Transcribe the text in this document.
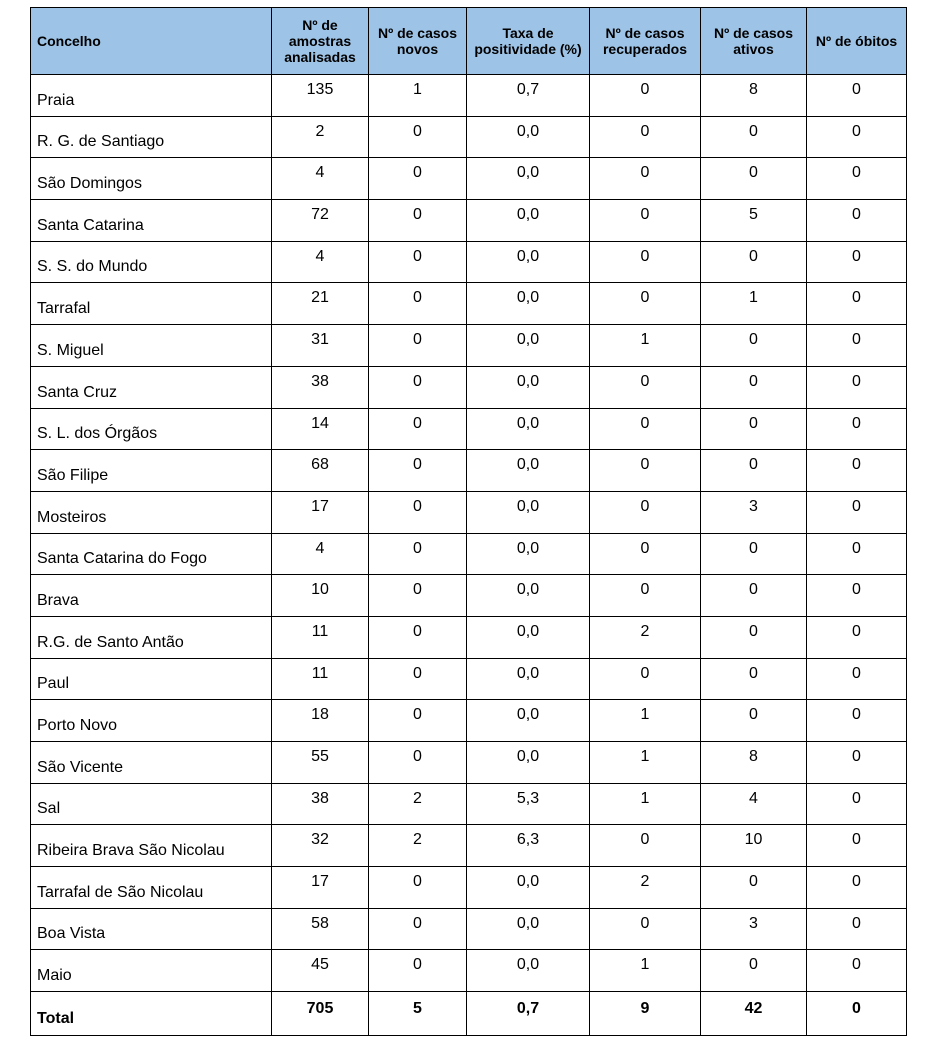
Concelho	Nº de amostras analisadas	Nº de casos novos	Taxa de positividade (%)	Nº de casos recuperados	Nº de casos ativos	Nº de óbitos
Praia	135	1	0,7	0	8	0
R. G. de Santiago	2	0	0,0	0	0	0
São Domingos	4	0	0,0	0	0	0
Santa Catarina	72	0	0,0	0	5	0
S. S. do Mundo	4	0	0,0	0	0	0
Tarrafal	21	0	0,0	0	1	0
S. Miguel	31	0	0,0	1	0	0
Santa Cruz	38	0	0,0	0	0	0
S. L. dos Órgãos	14	0	0,0	0	0	0
São Filipe	68	0	0,0	0	0	0
Mosteiros	17	0	0,0	0	3	0
Santa Catarina do Fogo	4	0	0,0	0	0	0
Brava	10	0	0,0	0	0	0
R.G. de Santo Antão	11	0	0,0	2	0	0
Paul	11	0	0,0	0	0	0
Porto Novo	18	0	0,0	1	0	0
São Vicente	55	0	0,0	1	8	0
Sal	38	2	5,3	1	4	0
Ribeira Brava São Nicolau	32	2	6,3	0	10	0
Tarrafal de São Nicolau	17	0	0,0	2	0	0
Boa Vista	58	0	0,0	0	3	0
Maio	45	0	0,0	1	0	0
Total	705	5	0,7	9	42	0
